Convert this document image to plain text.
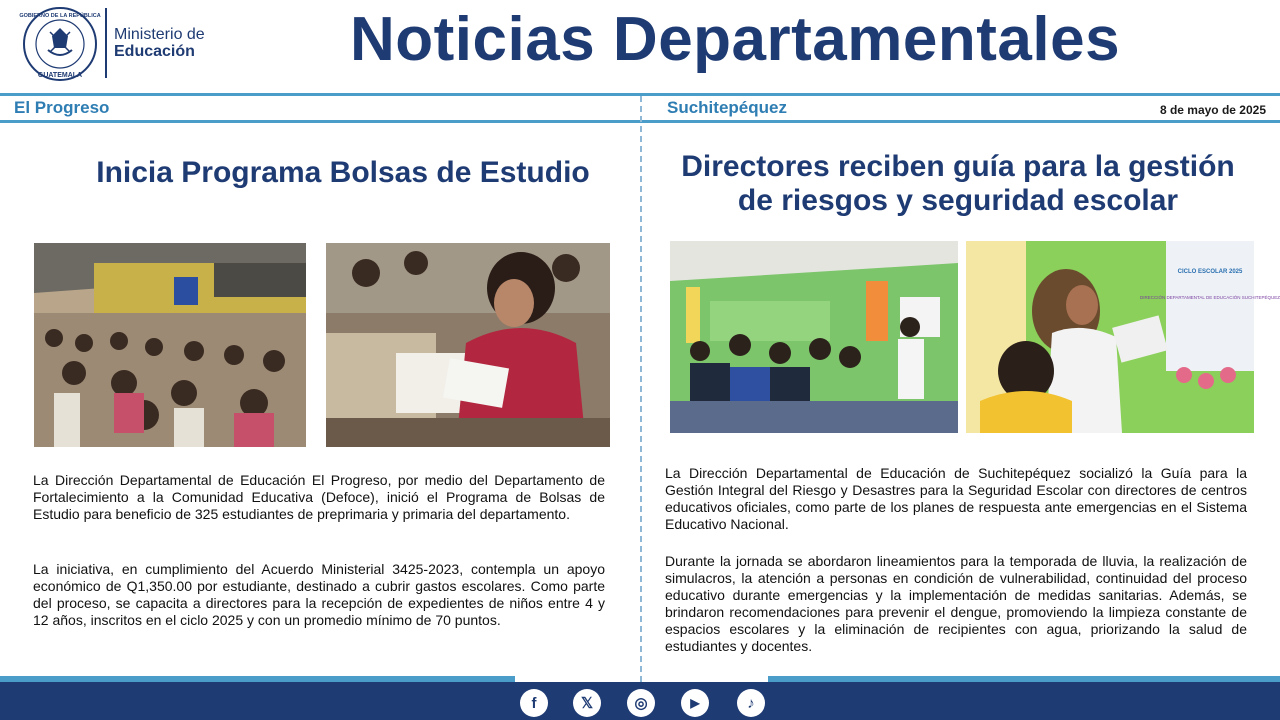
GOBIERNO DE LA REPÚBLICA
GUATEMALA
Ministerio de
Educación	Noticias Departamentales
El Progreso	Suchitepéquez	8 de mayo de 2025
Inicia Programa Bolsas de Estudio

La Dirección Departamental de Educación El Progreso, por medio del Departamento de Fortalecimiento a la Comunidad Educativa (Defoce), inició el Programa de Bolsas de Estudio para beneficio de 325 estudiantes de preprimaria y primaria del departamento.

La iniciativa, en cumplimiento del Acuerdo Ministerial 3425-2023, contempla un apoyo económico de Q1,350.00 por estudiante, destinado a cubrir gastos escolares. Como parte del proceso, se capacita a directores para la recepción de expedientes de niños entre 4 y 12 años, inscritos en el ciclo 2025 y con un promedio mínimo de 70 puntos.

Directores reciben guía para la gestión
de riesgos y seguridad escolar
CICLO ESCOLAR 2025
DIRECCIÓN DEPARTAMENTAL DE EDUCACIÓN SUCHITEPÉQUEZ

La Dirección Departamental de Educación de Suchitepéquez socializó la Guía para la Gestión Integral del Riesgo y Desastres para la Seguridad Escolar con directores de centros educativos oficiales, como parte de los planes de respuesta ante emergencias en el Sistema Educativo Nacional.

Durante la jornada se abordaron lineamientos para la temporada de lluvia, la realización de simulacros, la atención a personas en condición de vulnerabilidad, continuidad del proceso educativo durante emergencias y la implementación de medidas sanitarias. Además, se brindaron recomendaciones para prevenir el dengue, promoviendo la limpieza constante de espacios escolares y la eliminación de recipientes con agua, priorizando la salud de estudiantes y docentes.

f	𝕏	◎	▶	♪
